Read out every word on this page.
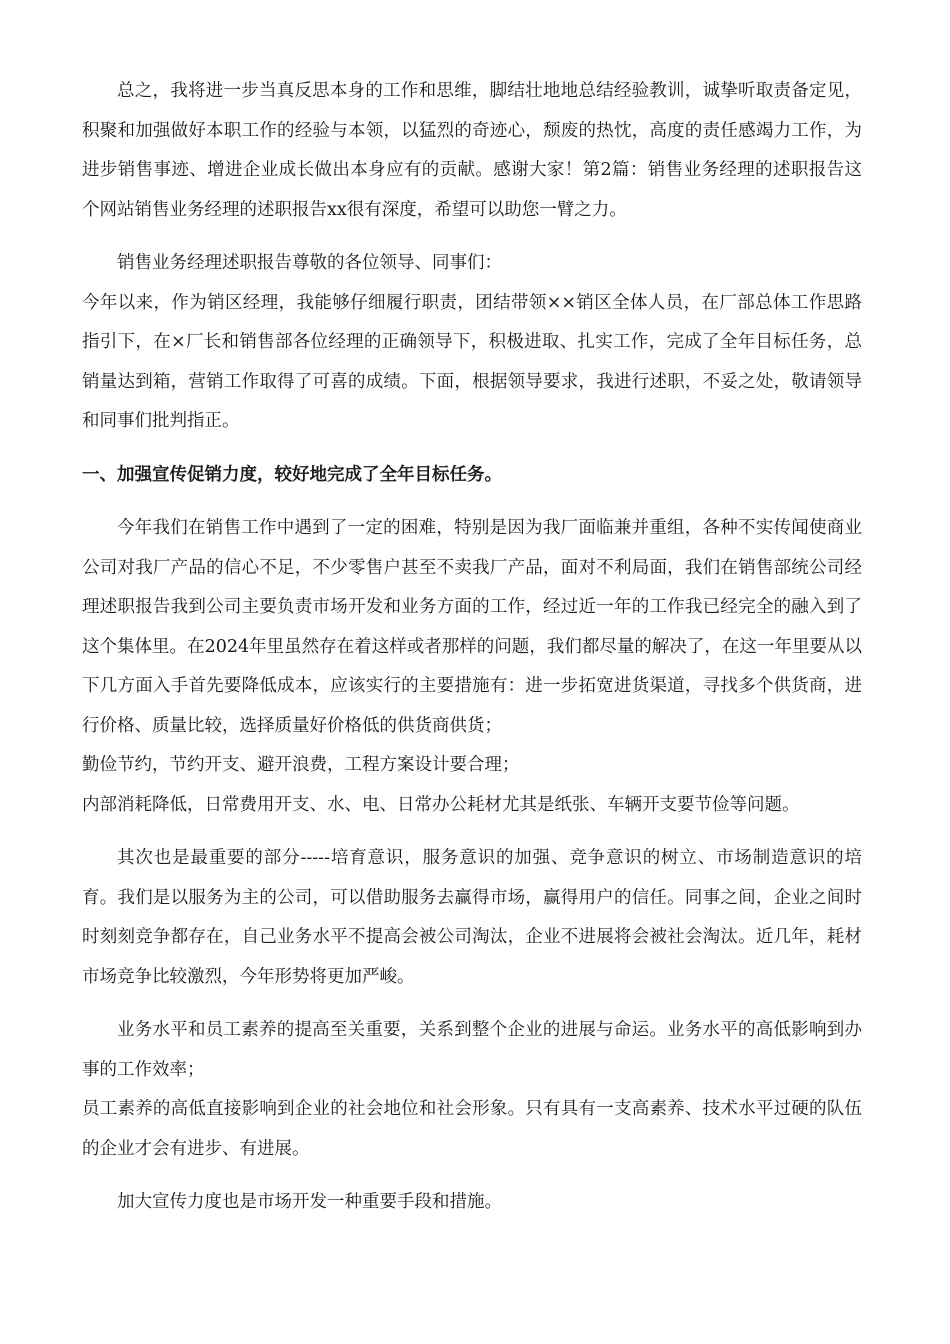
总之，我将进一步当真反思本身的工作和思维，脚结壮地地总结经验教训，诚挚听取责备定见，积聚和加强做好本职工作的经验与本领，以猛烈的奇迹心，颓废的热忱，高度的责任感竭力工作，为进步销售事迹、增进企业成长做出本身应有的贡献。感谢大家！第2篇：销售业务经理的述职报告这个网站销售业务经理的述职报告xx很有深度，希望可以助您一臂之力。

销售业务经理述职报告尊敬的各位领导、同事们：

今年以来，作为销区经理，我能够仔细履行职责，团结带领××销区全体人员，在厂部总体工作思路指引下，在×厂长和销售部各位经理的正确领导下，积极进取、扎实工作，完成了全年目标任务，总销量达到箱，营销工作取得了可喜的成绩。下面，根据领导要求，我进行述职，不妥之处，敬请领导和同事们批判指正。

一、加强宣传促销力度，较好地完成了全年目标任务。

今年我们在销售工作中遇到了一定的困难，特别是因为我厂面临兼并重组，各种不实传闻使商业公司对我厂产品的信心不足，不少零售户甚至不卖我厂产品，面对不利局面，我们在销售部统公司经理述职报告我到公司主要负责市场开发和业务方面的工作，经过近一年的工作我已经完全的融入到了这个集体里。在2024年里虽然存在着这样或者那样的问题，我们都尽量的解决了，在这一年里要从以下几方面入手首先要降低成本，应该实行的主要措施有：进一步拓宽进货渠道，寻找多个供货商，进行价格、质量比较，选择质量好价格低的供货商供货；

勤俭节约，节约开支、避开浪费，工程方案设计要合理；

内部消耗降低，日常费用开支、水、电、日常办公耗材尤其是纸张、车辆开支要节俭等问题。

其次也是最重要的部分-----培育意识，服务意识的加强、竞争意识的树立、市场制造意识的培育。我们是以服务为主的公司，可以借助服务去赢得市场，赢得用户的信任。同事之间，企业之间时时刻刻竞争都存在，自己业务水平不提高会被公司淘汰，企业不进展将会被社会淘汰。近几年，耗材市场竞争比较激烈，今年形势将更加严峻。

业务水平和员工素养的提高至关重要，关系到整个企业的进展与命运。业务水平的高低影响到办事的工作效率；

员工素养的高低直接影响到企业的社会地位和社会形象。只有具有一支高素养、技术水平过硬的队伍的企业才会有进步、有进展。

加大宣传力度也是市场开发一种重要手段和措施。
